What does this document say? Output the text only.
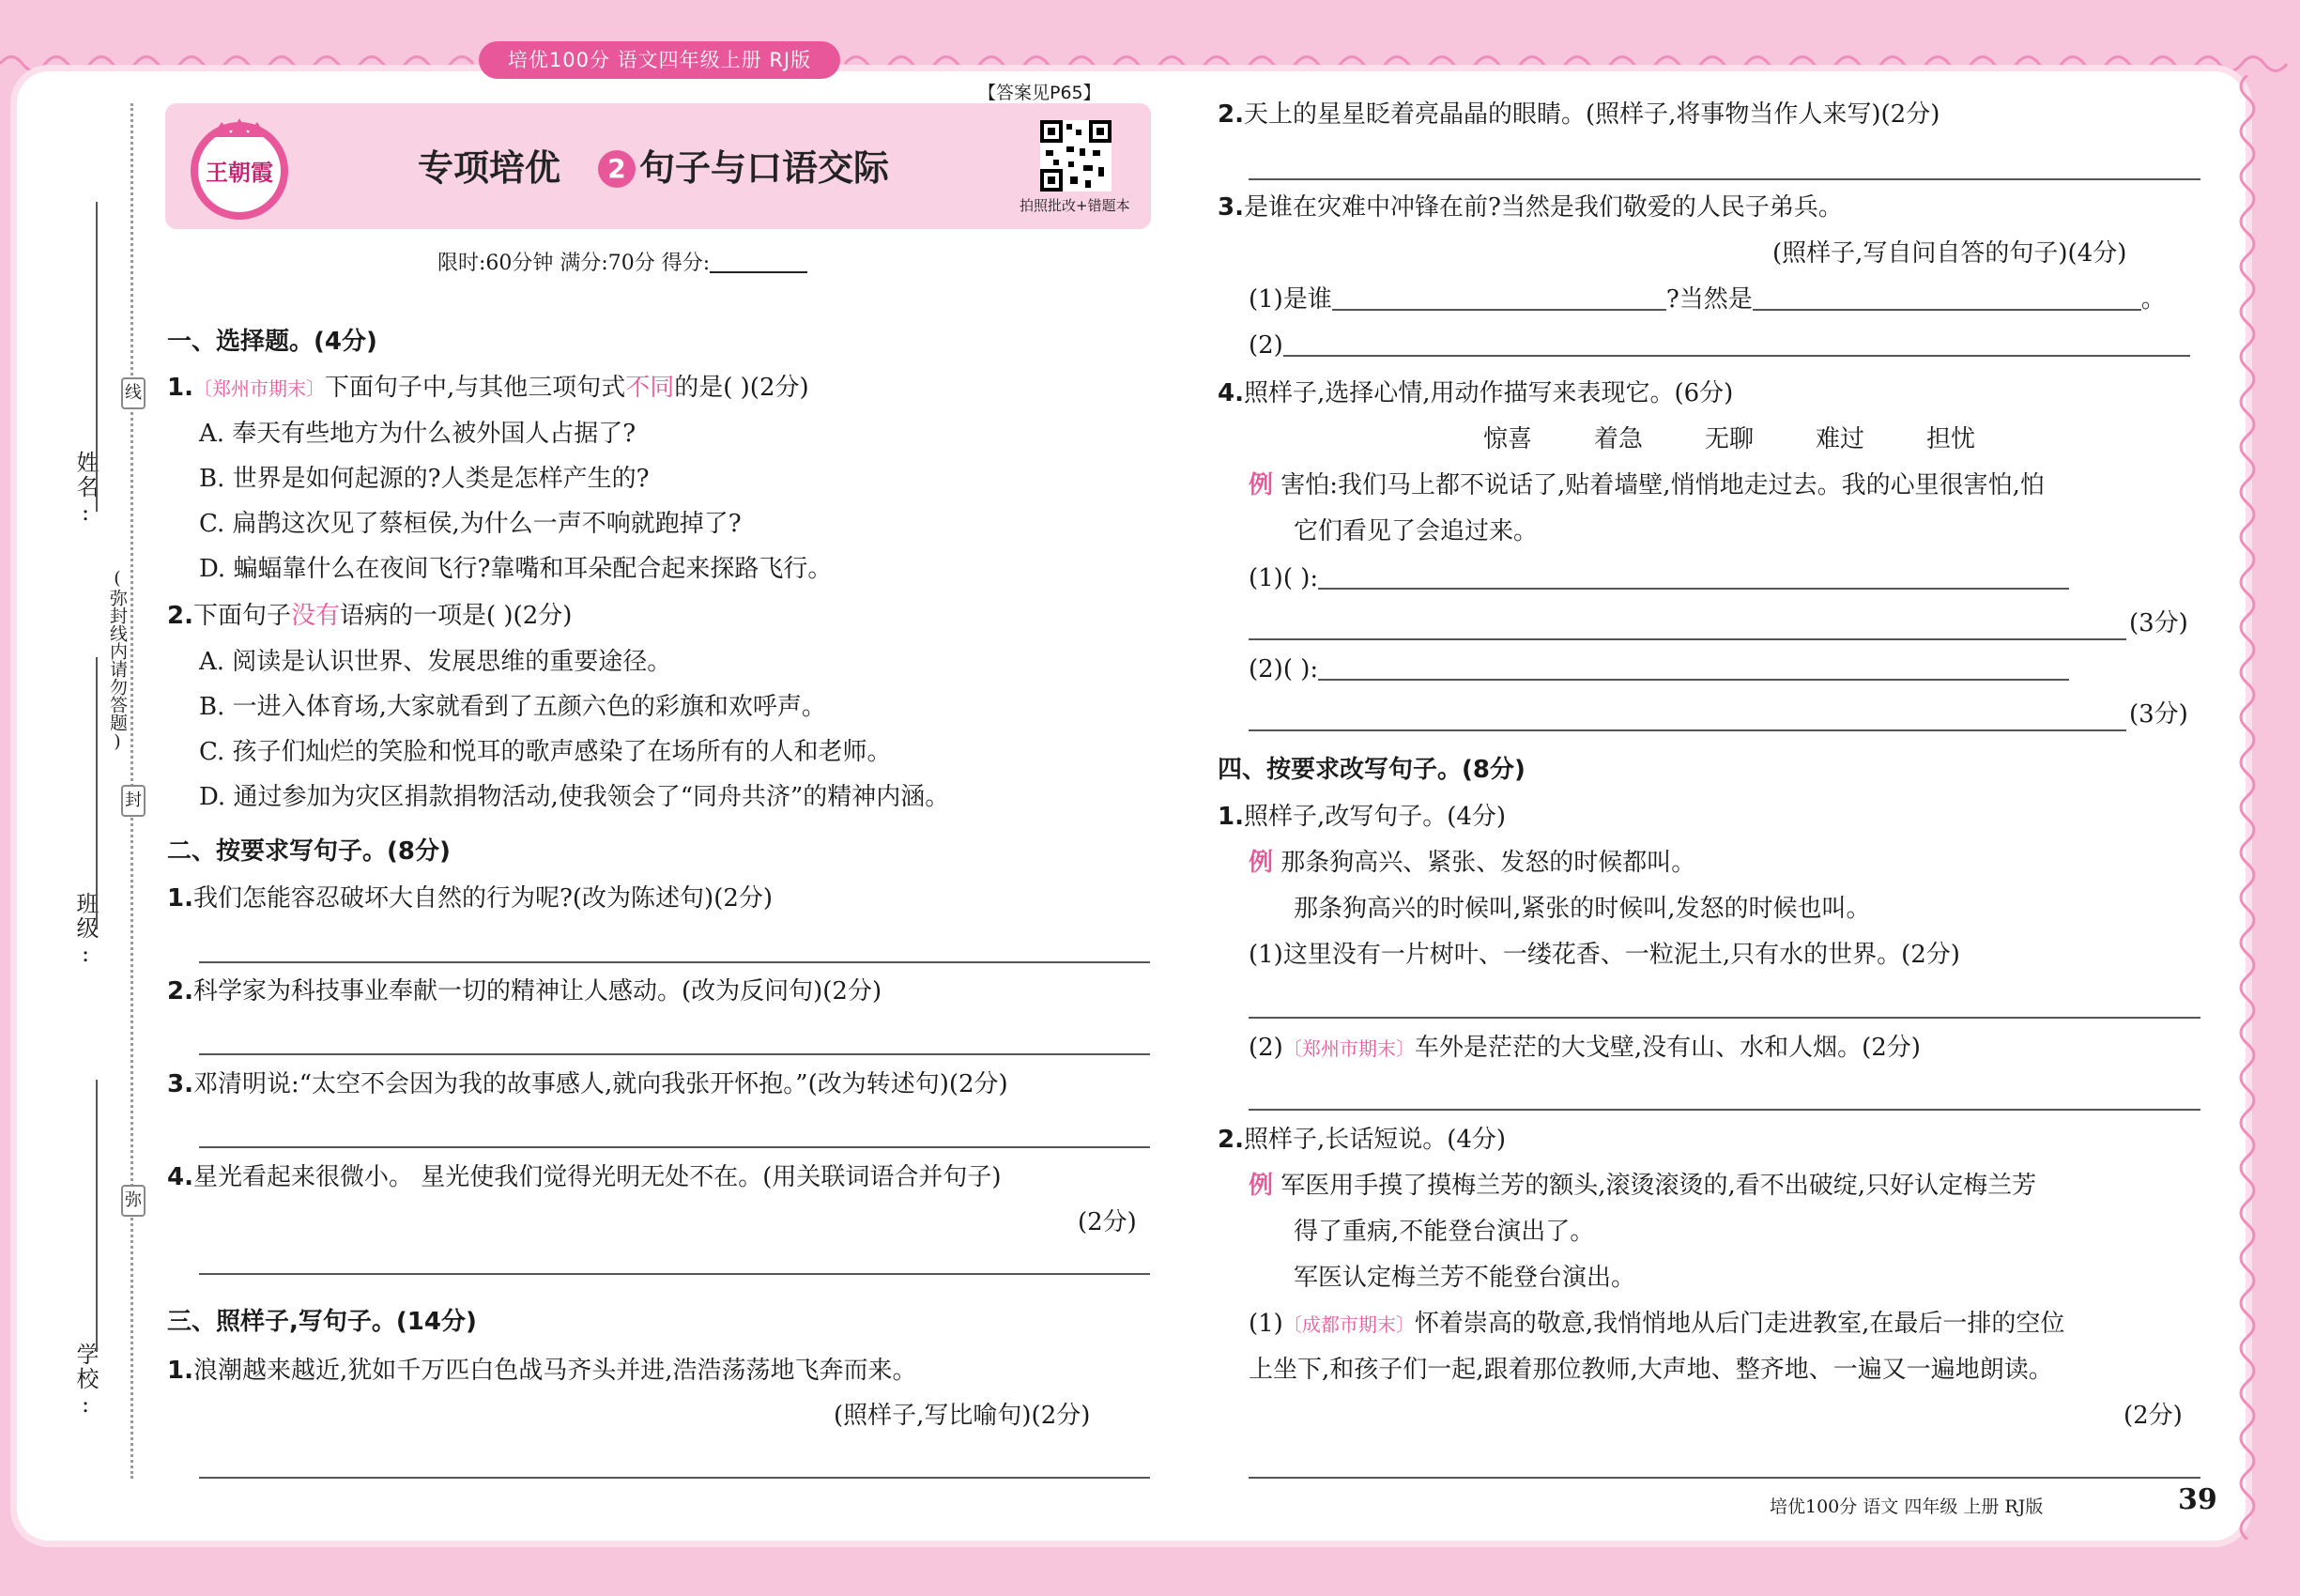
培优100分 语文四年级上册 RJ版
【答案见P65】
王朝霞	专项培优 2 句子与口语交际
拍照批改+错题本
限时:60分钟 满分:70分 得分:
姓名:
班级:
学校:
(弥封线内请勿答题)
线
封
弥
一、选择题。(4分)
1.〔郑州市期末〕下面句子中,与其他三项句式不同的是( )(2分)
A. 奉天有些地方为什么被外国人占据了?
B. 世界是如何起源的?人类是怎样产生的?
C. 扁鹊这次见了蔡桓侯,为什么一声不响就跑掉了?
D. 蝙蝠靠什么在夜间飞行?靠嘴和耳朵配合起来探路飞行。
2.下面句子没有语病的一项是( )(2分)
A. 阅读是认识世界、发展思维的重要途径。
B. 一进入体育场,大家就看到了五颜六色的彩旗和欢呼声。
C. 孩子们灿烂的笑脸和悦耳的歌声感染了在场所有的人和老师。
D. 通过参加为灾区捐款捐物活动,使我领会了“同舟共济”的精神内涵。
二、按要求写句子。(8分)
1.我们怎能容忍破坏大自然的行为呢?(改为陈述句)(2分)
2.科学家为科技事业奉献一切的精神让人感动。(改为反问句)(2分)
3.邓清明说:“太空不会因为我的故事感人,就向我张开怀抱。”(改为转述句)(2分)
4.星光看起来很微小。 星光使我们觉得光明无处不在。(用关联词语合并句子)
(2分)
三、照样子,写句子。(14分)
1.浪潮越来越近,犹如千万匹白色战马齐头并进,浩浩荡荡地飞奔而来。
(照样子,写比喻句)(2分)
2.天上的星星眨着亮晶晶的眼睛。(照样子,将事物当作人来写)(2分)
3.是谁在灾难中冲锋在前?当然是我们敬爱的人民子弟兵。
(照样子,写自问自答的句子)(4分)
(1)是谁	?当然是	。
(2)
4.照样子,选择心情,用动作描写来表现它。(6分)
惊喜	着急	无聊	难过	担忧
例 害怕:我们马上都不说话了,贴着墙壁,悄悄地走过去。我的心里很害怕,怕
它们看见了会追过来。
(1)( ):
(3分)
(2)( ):
(3分)
四、按要求改写句子。(8分)
1.照样子,改写句子。(4分)
例 那条狗高兴、紧张、发怒的时候都叫。
那条狗高兴的时候叫,紧张的时候叫,发怒的时候也叫。
(1)这里没有一片树叶、一缕花香、一粒泥土,只有水的世界。(2分)
(2)〔郑州市期末〕车外是茫茫的大戈壁,没有山、水和人烟。(2分)
2.照样子,长话短说。(4分)
例 军医用手摸了摸梅兰芳的额头,滚烫滚烫的,看不出破绽,只好认定梅兰芳
得了重病,不能登台演出了。
军医认定梅兰芳不能登台演出。
(1)〔成都市期末〕怀着崇高的敬意,我悄悄地从后门走进教室,在最后一排的空位
上坐下,和孩子们一起,跟着那位教师,大声地、整齐地、一遍又一遍地朗读。
(2分)
培优100分 语文 四年级 上册 RJ版	39
